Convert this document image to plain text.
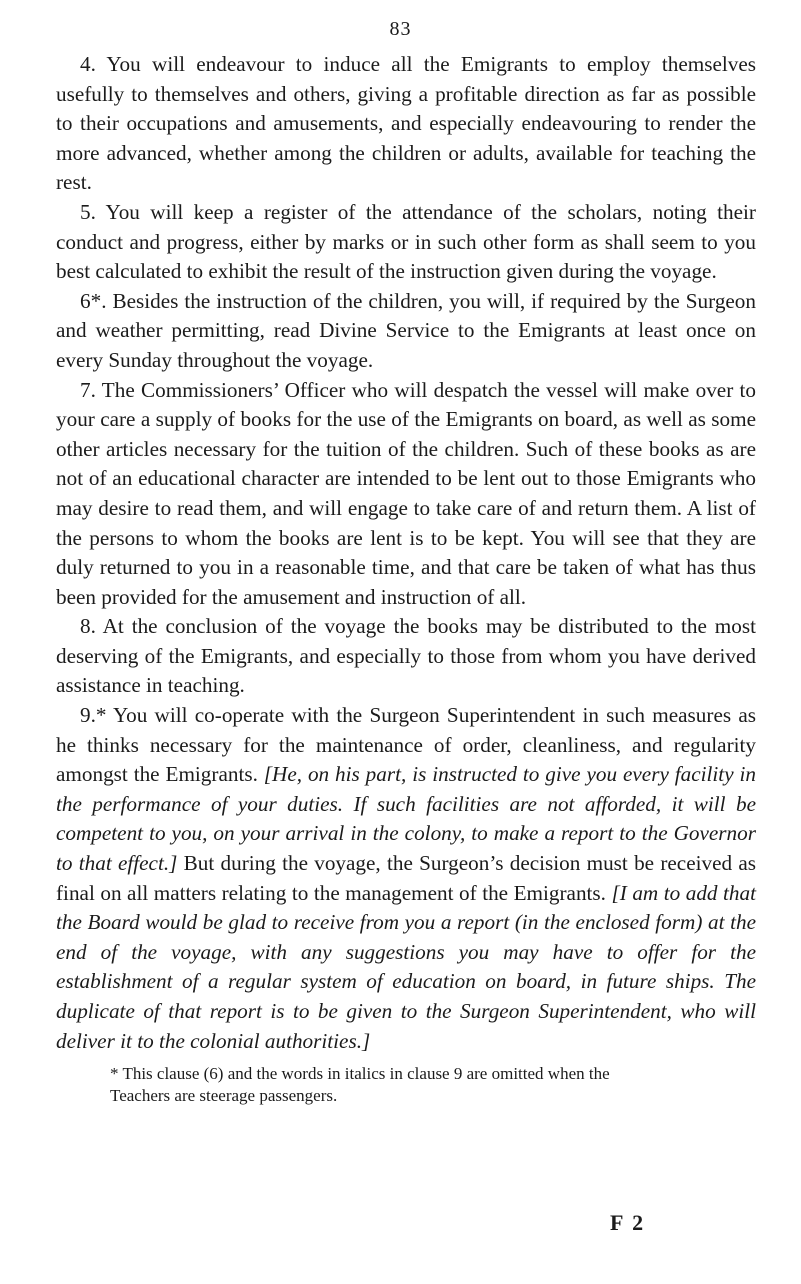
83

4. You will endeavour to induce all the Emigrants to employ themselves usefully to themselves and others, giving a profitable direction as far as possible to their occupations and amusements, and especially endeavouring to render the more advanced, whether among the children or adults, available for teaching the rest.

5. You will keep a register of the attendance of the scholars, noting their conduct and progress, either by marks or in such other form as shall seem to you best calculated to exhibit the result of the instruction given during the voyage.

6*. Besides the instruction of the children, you will, if required by the Surgeon and weather permitting, read Divine Service to the Emigrants at least once on every Sunday throughout the voyage.

7. The Commissioners’ Officer who will despatch the vessel will make over to your care a supply of books for the use of the Emigrants on board, as well as some other articles necessary for the tuition of the children. Such of these books as are not of an educational character are intended to be lent out to those Emigrants who may desire to read them, and will engage to take care of and return them. A list of the persons to whom the books are lent is to be kept. You will see that they are duly returned to you in a reasonable time, and that care be taken of what has thus been provided for the amusement and instruction of all.

8. At the conclusion of the voyage the books may be distributed to the most deserving of the Emigrants, and especially to those from whom you have derived assistance in teaching.

9.* You will co-operate with the Surgeon Superintendent in such measures as he thinks necessary for the maintenance of order, cleanliness, and regularity amongst the Emigrants. [He, on his part, is instructed to give you every facility in the performance of your duties. If such facilities are not afforded, it will be competent to you, on your arrival in the colony, to make a report to the Governor to that effect.] But during the voyage, the Surgeon’s decision must be received as final on all matters relating to the management of the Emigrants. [I am to add that the Board would be glad to receive from you a report (in the enclosed form) at the end of the voyage, with any suggestions you may have to offer for the establishment of a regular system of education on board, in future ships. The duplicate of that report is to be given to the Surgeon Superintendent, who will deliver it to the colonial authorities.]

* This clause (6) and the words in italics in clause 9 are omitted when the
Teachers are steerage passengers.
F 2
